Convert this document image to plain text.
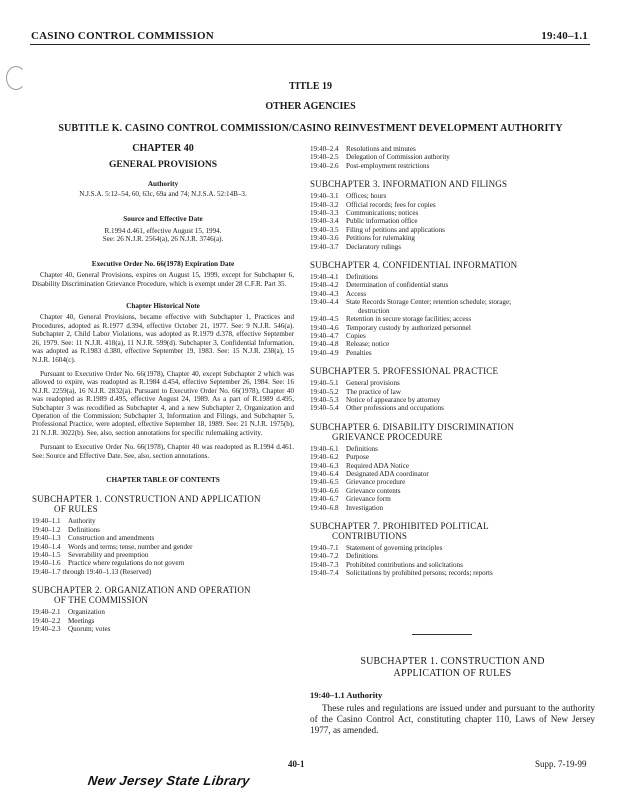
CASINO CONTROL COMMISSION	19:40–1.1
TITLE 19
OTHER AGENCIES
SUBTITLE K. CASINO CONTROL COMMISSION/CASINO REINVESTMENT DEVELOPMENT AUTHORITY
CHAPTER 40
GENERAL PROVISIONS
Authority
N.J.S.A. 5:12–54, 60, 63c, 69a and 74; N.J.S.A. 52:14B–3.
Source and Effective Date
R.1994 d.461, effective August 15, 1994.
See: 26 N.J.R. 2564(a), 26 N.J.R. 3746(a).
Executive Order No. 66(1978) Expiration Date
Chapter 40, General Provisions, expires on August 15, 1999, except for Subchapter 6, Disability Discrimination Grievance Procedure, which is exempt under 28 C.F.R. Part 35.
Chapter Historical Note
Chapter 40, General Provisions, became effective with Subchapter 1, Practices and Procedures, adopted as R.1977 d.394, effective October 21, 1977. See: 9 N.J.R. 546(a). Subchapter 2, Child Labor Violations, was adopted as R.1979 d.378, effective September 26, 1979. See: 11 N.J.R. 418(a), 11 N.J.R. 599(d). Subchapter 3, Confidential Information, was adopted as R.1983 d.380, effective September 19, 1983. See: 15 N.J.R. 238(a), 15 N.J.R. 1604(c).
Pursuant to Executive Order No. 66(1978), Chapter 40, except Subchapter 2 which was allowed to expire, was readopted as R.1984 d.454, effective September 26, 1984. See: 16 N.J.R. 2259(a), 16 N.J.R. 2832(a). Pursuant to Executive Order No. 66(1978), Chapter 40 was readopted as R.1989 d.495, effective August 24, 1989. As a part of R.1989 d.495, Subchapter 3 was recodified as Subchapter 4, and a new Subchapter 2, Organization and Operation of the Commission; Subchapter 3, Information and Filings, and Subchapter 5, Professional Practice, were adopted, effective September 18, 1989. See: 21 N.J.R. 1975(b), 21 N.J.R. 3022(b). See, also, section annotations for specific rulemaking activity.
Pursuant to Executive Order No. 66(1978), Chapter 40 was readopted as R.1994 d.461. See: Source and Effective Date. See, also, section annotations.
CHAPTER TABLE OF CONTENTS
SUBCHAPTER 1. CONSTRUCTION AND APPLICATION
OF RULES
19:40–1.1	Authority
19:40–1.2	Definitions
19:40–1.3	Construction and amendments
19:40–1.4	Words and terms; tense, number and gender
19:40–1.5	Severability and preemption
19:40–1.6	Practice where regulations do not govern
19:40–1.7 through 19:40–1.13 (Reserved)
SUBCHAPTER 2. ORGANIZATION AND OPERATION
OF THE COMMISSION
19:40–2.1	Organization
19:40–2.2	Meetings
19:40–2.3	Quorum; votes
19:40–2.4	Resolutions and minutes
19:40–2.5	Delegation of Commission authority
19:40–2.6	Post-employment restrictions
SUBCHAPTER 3. INFORMATION AND FILINGS
19:40–3.1	Offices; hours
19:40–3.2	Official records; fees for copies
19:40–3.3	Communications; notices
19:40–3.4	Public information office
19:40–3.5	Filing of petitions and applications
19:40–3.6	Petitions for rulemaking
19:40–3.7	Declaratory rulings
SUBCHAPTER 4. CONFIDENTIAL INFORMATION
19:40–4.1	Definitions
19:40–4.2	Determination of confidential status
19:40–4.3	Access
19:40–4.4	State Records Storage Center; retention schedule; storage;
destruction
19:40–4.5	Retention in secure storage facilities; access
19:40–4.6	Temporary custody by authorized personnel
19:40–4.7	Copies
19:40–4.8	Release; notice
19:40–4.9	Penalties
SUBCHAPTER 5. PROFESSIONAL PRACTICE
19:40–5.1	General provisions
19:40–5.2	The practice of law
19:40–5.3	Notice of appearance by attorney
19:40–5.4	Other professions and occupations
SUBCHAPTER 6. DISABILITY DISCRIMINATION
GRIEVANCE PROCEDURE
19:40–6.1	Definitions
19:40–6.2	Purpose
19:40–6.3	Required ADA Notice
19:40–6.4	Designated ADA coordinator
19:40–6.5	Grievance procedure
19:40–6.6	Grievance contents
19:40–6.7	Grievance form
19:40–6.8	Investigation
SUBCHAPTER 7. PROHIBITED POLITICAL
CONTRIBUTIONS
19:40–7.1	Statement of governing principles
19:40–7.2	Definitions
19:40–7.3	Prohibited contributions and solicitations
19:40–7.4	Solicitations by prohibited persons; records; reports
SUBCHAPTER 1. CONSTRUCTION AND
APPLICATION OF RULES
19:40–1.1 Authority
These rules and regulations are issued under and pursuant to the authority of the Casino Control Act, constituting chapter 110, Laws of New Jersey 1977, as amended.
40-1	Supp. 7-19-99
New Jersey State Library
